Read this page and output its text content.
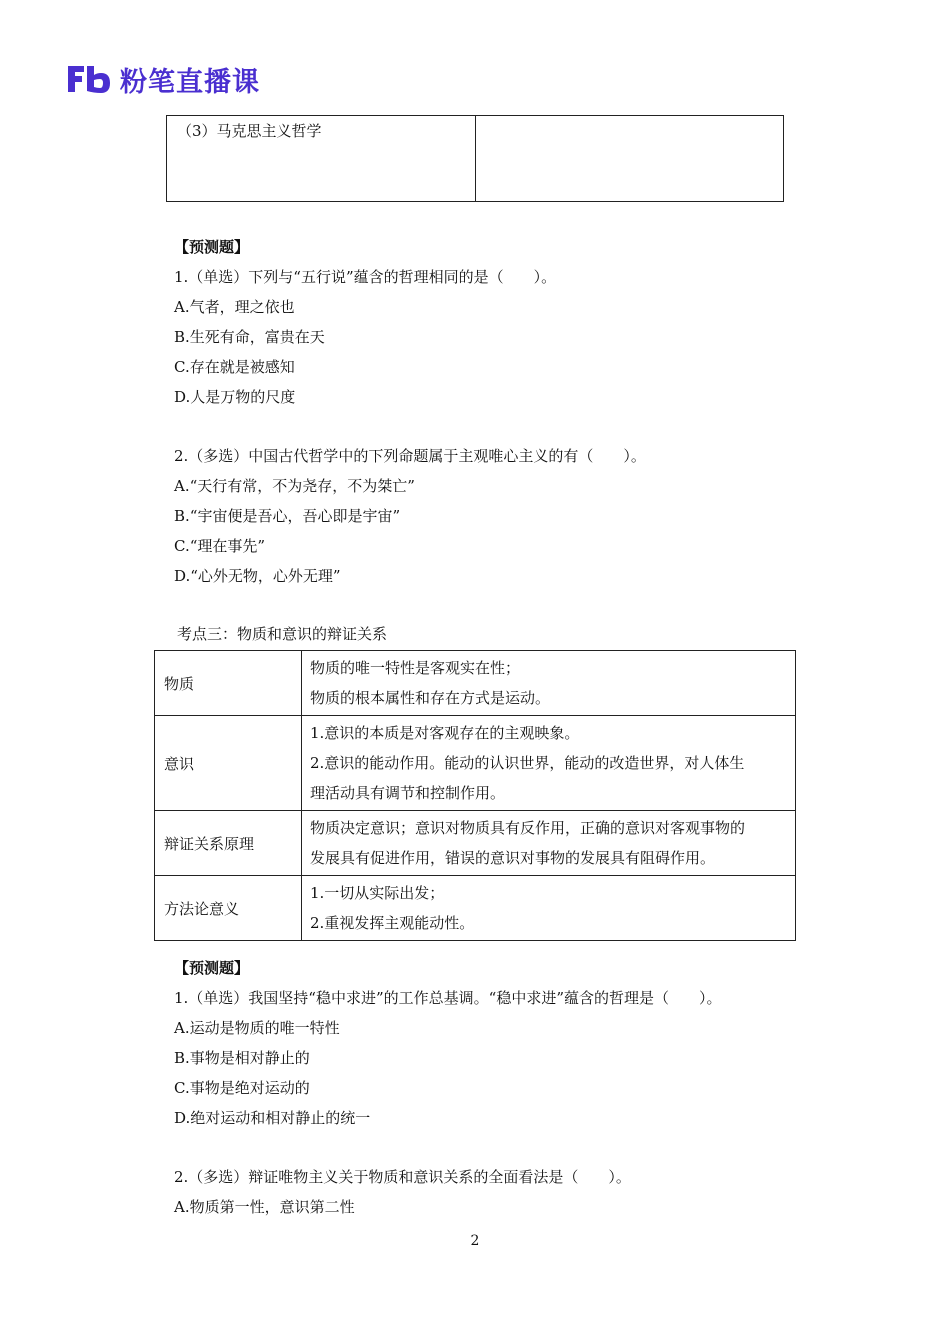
粉笔直播课
（3）马克思主义哲学

【预测题】
1.（单选）下列与“五行说”蕴含的哲理相同的是（　　）。
A.气者，理之依也
B.生死有命，富贵在天
C.存在就是被感知
D.人是万物的尺度
2.（多选）中国古代哲学中的下列命题属于主观唯心主义的有（　　）。
A.“天行有常，不为尧存，不为桀亡”
B.“宇宙便是吾心，吾心即是宇宙”
C.“理在事先”
D.“心外无物，心外无理”
考点三：物质和意识的辩证关系
物质	物质的唯一特性是客观实在性；
物质的根本属性和存在方式是运动。

意识	1.意识的本质是对客观存在的主观映象。
2.意识的能动作用。能动的认识世界，能动的改造世界，对人体生
理活动具有调节和控制作用。

辩证关系原理	物质决定意识；意识对物质具有反作用，正确的意识对客观事物的
发展具有促进作用，错误的意识对事物的发展具有阻碍作用。

方法论意义	1.一切从实际出发；
2.重视发挥主观能动性。
【预测题】
1.（单选）我国坚持“稳中求进”的工作总基调。“稳中求进”蕴含的哲理是（　　）。
A.运动是物质的唯一特性
B.事物是相对静止的
C.事物是绝对运动的
D.绝对运动和相对静止的统一
2.（多选）辩证唯物主义关于物质和意识关系的全面看法是（　　）。
A.物质第一性，意识第二性
2
